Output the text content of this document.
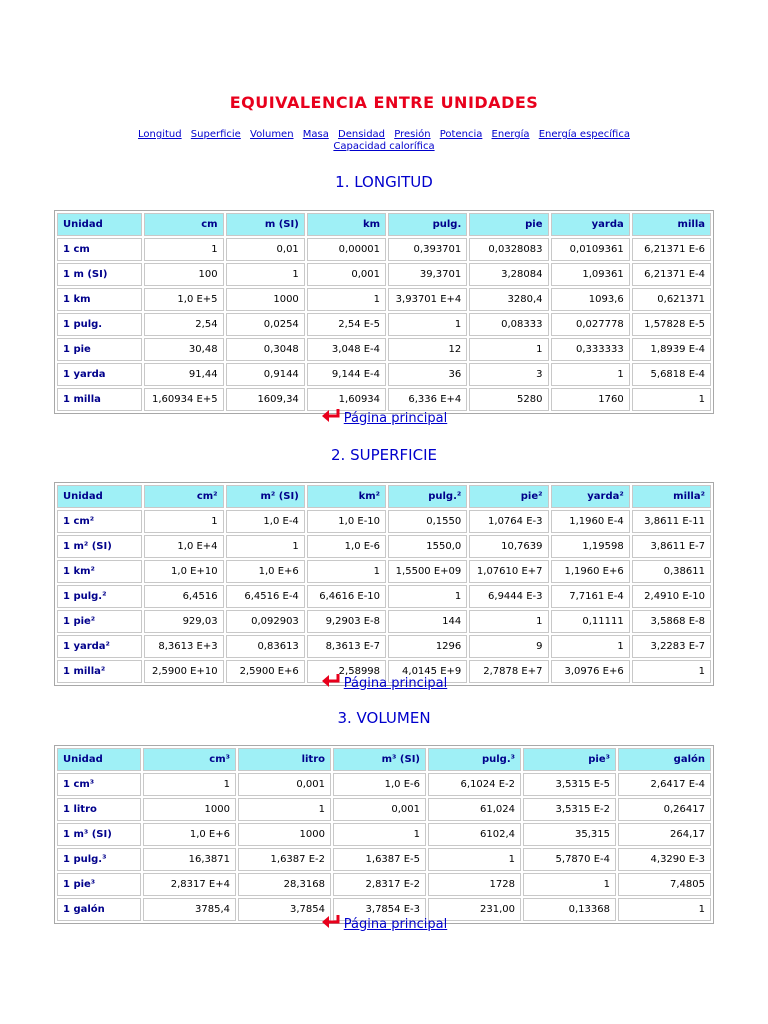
EQUIVALENCIA ENTRE UNIDADES
Longitud Superficie Volumen Masa Densidad Presión Potencia Energía Energía específica Capacidad calorífica
1. LONGITUD
Unidad	cm	m (SI)	km	pulg.	pie	yarda	milla
1 cm	1	0,01	0,00001	0,393701	0,0328083	0,0109361	6,21371 E-6
1 m (SI)	100	1	0,001	39,3701	3,28084	1,09361	6,21371 E-4
1 km	1,0 E+5	1000	1	3,93701 E+4	3280,4	1093,6	0,621371
1 pulg.	2,54	0,0254	2,54 E-5	1	0,08333	0,027778	1,57828 E-5
1 pie	30,48	0,3048	3,048 E-4	12	1	0,333333	1,8939 E-4
1 yarda	91,44	0,9144	9,144 E-4	36	3	1	5,6818 E-4
1 milla	1,60934 E+5	1609,34	1,60934	6,336 E+4	5280	1760	1
Página principal
2. SUPERFICIE
Unidad	cm²	m² (SI)	km²	pulg.²	pie²	yarda²	milla²
1 cm²	1	1,0 E-4	1,0 E-10	0,1550	1,0764 E-3	1,1960 E-4	3,8611 E-11
1 m² (SI)	1,0 E+4	1	1,0 E-6	1550,0	10,7639	1,19598	3,8611 E-7
1 km²	1,0 E+10	1,0 E+6	1	1,5500 E+09	1,07610 E+7	1,1960 E+6	0,38611
1 pulg.²	6,4516	6,4516 E-4	6,4616 E-10	1	6,9444 E-3	7,7161 E-4	2,4910 E-10
1 pie²	929,03	0,092903	9,2903 E-8	144	1	0,11111	3,5868 E-8
1 yarda²	8,3613 E+3	0,83613	8,3613 E-7	1296	9	1	3,2283 E-7
1 milla²	2,5900 E+10	2,5900 E+6	2,58998	4,0145 E+9	2,7878 E+7	3,0976 E+6	1
Página principal
3. VOLUMEN
Unidad	cm³	litro	m³ (SI)	pulg.³	pie³	galón
1 cm³	1	0,001	1,0 E-6	6,1024 E-2	3,5315 E-5	2,6417 E-4
1 litro	1000	1	0,001	61,024	3,5315 E-2	0,26417
1 m³ (SI)	1,0 E+6	1000	1	6102,4	35,315	264,17
1 pulg.³	16,3871	1,6387 E-2	1,6387 E-5	1	5,7870 E-4	4,3290 E-3
1 pie³	2,8317 E+4	28,3168	2,8317 E-2	1728	1	7,4805
1 galón	3785,4	3,7854	3,7854 E-3	231,00	0,13368	1
Página principal
